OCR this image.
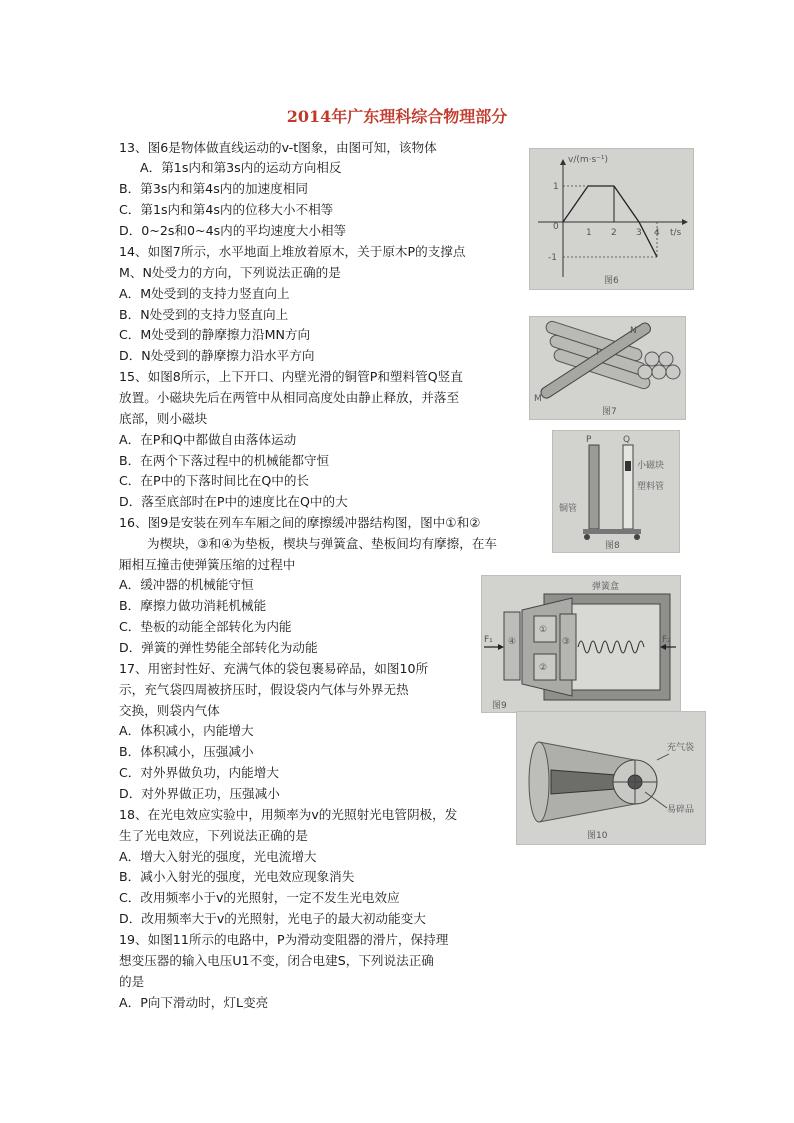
2014年广东理科综合物理部分
13、图6是物体做直线运动的v-t图象，由图可知，该物体
A．第1s内和第3s内的运动方向相反
B．第3s内和第4s内的加速度相同
C．第1s内和第4s内的位移大小不相等
D．0~2s和0~4s内的平均速度大小相等
14、如图7所示，水平地面上堆放着原木，关于原木P的支撑点
M、N处受力的方向，下列说法正确的是
A．M处受到的支持力竖直向上
B．N处受到的支持力竖直向上
C．M处受到的静摩擦力沿MN方向
D．N处受到的静摩擦力沿水平方向
15、如图8所示，上下开口、内壁光滑的铜管P和塑料管Q竖直
放置。小磁块先后在两管中从相同高度处由静止释放，并落至
底部，则小磁块
A．在P和Q中都做自由落体运动
B．在两个下落过程中的机械能都守恒
C．在P中的下落时间比在Q中的长
D．落至底部时在P中的速度比在Q中的大
16、图9是安装在列车车厢之间的摩擦缓冲器结构图，图中①和②
为楔块，③和④为垫板，楔块与弹簧盒、垫板间均有摩擦，在车
厢相互撞击使弹簧压缩的过程中
A．缓冲器的机械能守恒
B．摩擦力做功消耗机械能
C．垫板的动能全部转化为内能
D．弹簧的弹性势能全部转化为动能
17、用密封性好、充满气体的袋包裹易碎品，如图10所
示，充气袋四周被挤压时，假设袋内气体与外界无热
交换，则袋内气体
A．体积减小，内能增大
B．体积减小，压强减小
C．对外界做负功，内能增大
D．对外界做正功，压强减小
18、在光电效应实验中，用频率为v的光照射光电管阴极，发
生了光电效应，下列说法正确的是
A．增大入射光的强度，光电流增大
B．减小入射光的强度，光电效应现象消失
C．改用频率小于v的光照射，一定不发生光电效应
D．改用频率大于v的光照射，光电子的最大初动能变大
19、如图11所示的电路中，P为滑动变阻器的滑片，保持理
想变压器的输入电压U1不变，闭合电建S，下列说法正确
的是
A．P向下滑动时，灯L变亮
v/(m·s⁻¹)
t/s
1
0
-1
1 2 3 4
图6
N
P
M
图7
P	Q
小磁块
塑料管
铜管
图8
弹簧盒
①
②
③
④
F₁	F₂
图9
充气袋
易碎品
图10
